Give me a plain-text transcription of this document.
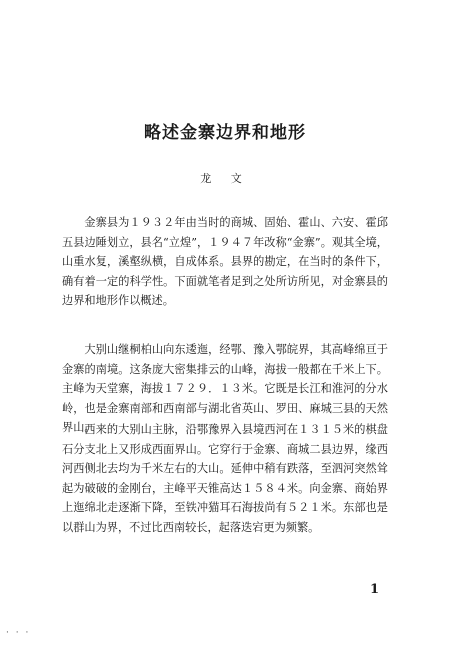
略述金寨边界和地形
龙 文

金寨县为１９３２年由当时的商城、固始、霍山、六安、霍邱五县边陲划立，县名“立煌”，１９４７年改称“金寨”。观其全境，山重水复，溪壑纵横，自成体系。县界的勘定，在当时的条件下，确有着一定的科学性。下面就笔者足到之处所访所见，对金寨县的边界和地形作以概述。

大别山继桐柏山向东逶迤，经鄂、豫入鄂皖界，其高峰绵亘于金寨的南境。这条庞大密集排云的山峰，海拔一般都在千米上下。主峰为天堂寨，海拔１７２９．１３米。它既是长江和淮河的分水岭，也是金寨南部和西南部与湖北省英山、罗田、麻城三县的天然界山。

西来的大别山主脉，沿鄂豫界入县境西河在１３１５米的棋盘石分支北上又形成西面界山。它穿行于金寨、商城二县边界，缘西河西侧北去均为千米左右的大山。延伸中稍有跌落，至泗河突然耸起为破破的金刚台，主峰平天锥高达１５８４米。向金寨、商始界上迤绵北走逐渐下降，至铁冲猫耳石海拔尚有５２１米。东部也是以群山为界，不过比西南较长，起落迭宕更为频繁。

1
· · ·
